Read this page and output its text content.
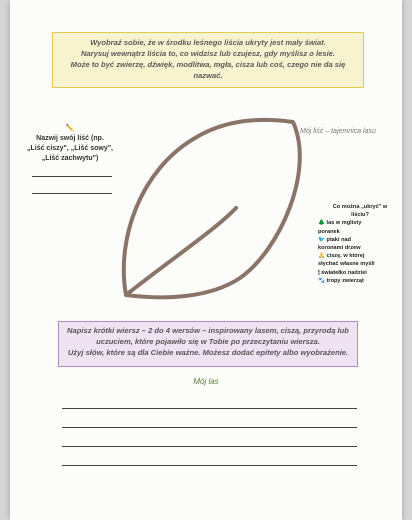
Wyobraź sobie, że w środku leśnego liścia ukryty jest mały świat.
Narysuj wewnątrz liścia to, co widzisz lub czujesz, gdy myślisz o lesie.
Może to być zwierzę, dźwięk, modlitwa, mgła, cisza lub coś, czego nie da się
nazwać.
✏️
Nazwij swój liść (np.
„Liść ciszy", „Liść sowy",
„Liść zachwytu")
Mój liść – tajemnica lasu
Co można „ukryć" w
liściu?
🌲 las w mglisty
poranek
🐦 ptaki nad
koronami drzew
🙏 ciszę, w której
słychać własne myśli
🕯 światełko nadziei
🐾 tropy zwierząt
Napisz krótki wiersz – 2 do 4 wersów – inspirowany lasem, ciszą, przyrodą lub
uczuciem, które pojawiło się w Tobie po przeczytaniu wiersza.
Użyj słów, które są dla Ciebie ważne. Możesz dodać epitety albo wyobrażenie.
Mój las
